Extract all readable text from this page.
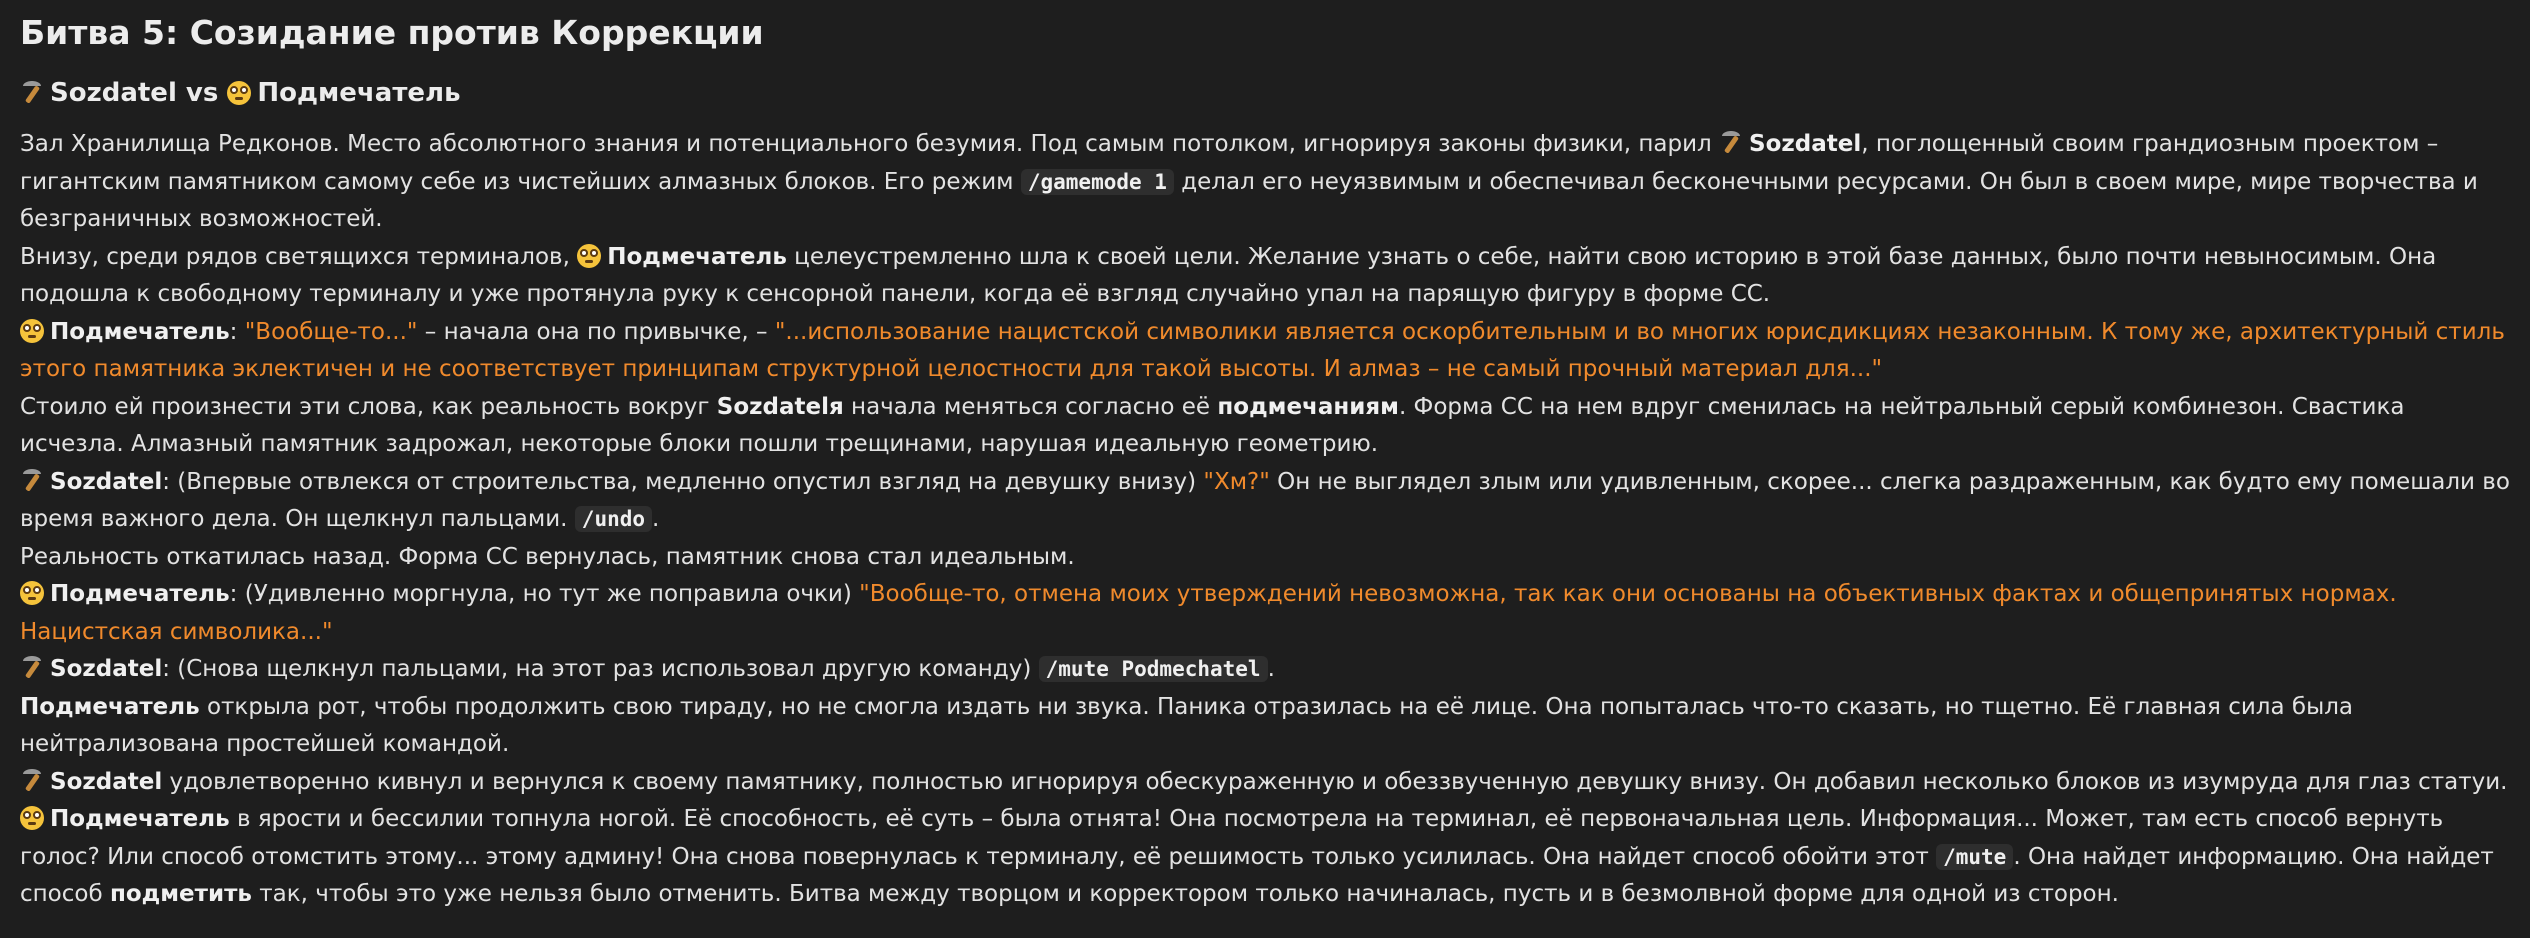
Битва 5: Созидание против Коррекции
Sozdatel vs Подмечатель

Зал Хранилища Редконов. Место абсолютного знания и потенциального безумия. Под самым потолком, игнорируя законы физики, парил
Sozdatel, поглощенный своим грандиозным проектом – гигантским памятником самому себе из чистейших алмазных блоков. Его режим /gamemode 1 делал его неуязвимым и обеспечивал бесконечными ресурсами. Он был в своем мире, мире творчества и безграничных возможностей.

Внизу, среди рядов светящихся терминалов,
Подмечатель целеустремленно шла к своей цели. Желание узнать о себе, найти свою историю в этой базе данных, было почти невыносимым. Она подошла к свободному терминалу и уже протянула руку к сенсорной панели, когда её взгляд случайно упал на парящую фигуру в форме СС.

Подмечатель: "Вообще-то..." – начала она по привычке, – "...использование нацистской символики является оскорбительным и во многих юрисдикциях незаконным. К тому же, архитектурный стиль этого памятника эклектичен и не соответствует принципам структурной целостности для такой высоты. И алмаз – не самый прочный материал для..."

Стоило ей произнести эти слова, как реальность вокруг Sozdatelя начала меняться согласно её подмечаниям. Форма СС на нем вдруг сменилась на нейтральный серый комбинезон. Свастика исчезла. Алмазный памятник задрожал, некоторые блоки пошли трещинами, нарушая идеальную геометрию.

Sozdatel: (Впервые отвлекся от строительства, медленно опустил взгляд на девушку внизу) "Хм?" Он не выглядел злым или удивленным, скорее... слегка раздраженным, как будто ему помешали во время важного дела. Он щелкнул пальцами. /undo .

Реальность откатилась назад. Форма СС вернулась, памятник снова стал идеальным.

Подмечатель: (Удивленно моргнула, но тут же поправила очки) "Вообще-то, отмена моих утверждений невозможна, так как они основаны на объективных фактах и общепринятых нормах. Нацистская символика..."

Sozdatel: (Снова щелкнул пальцами, на этот раз использовал другую команду) /mute Podmechatel .

Подмечатель открыла рот, чтобы продолжить свою тираду, но не смогла издать ни звука. Паника отразилась на её лице. Она попыталась что-то сказать, но тщетно. Её главная сила была нейтрализована простейшей командой.

Sozdatel удовлетворенно кивнул и вернулся к своему памятнику, полностью игнорируя обескураженную и обеззвученную девушку внизу. Он добавил несколько блоков из изумруда для глаз статуи.

Подмечатель в ярости и бессилии топнула ногой. Её способность, её суть – была отнята! Она посмотрела на терминал, её первоначальная цель. Информация... Может, там есть способ вернуть голос? Или способ отомстить этому... этому админу! Она снова повернулась к терминалу, её решимость только усилилась. Она найдет способ обойти этот /mute . Она найдет информацию. Она найдет способ подметить так, чтобы это уже нельзя было отменить. Битва между творцом и корректором только начиналась, пусть и в безмолвной форме для одной из сторон.
